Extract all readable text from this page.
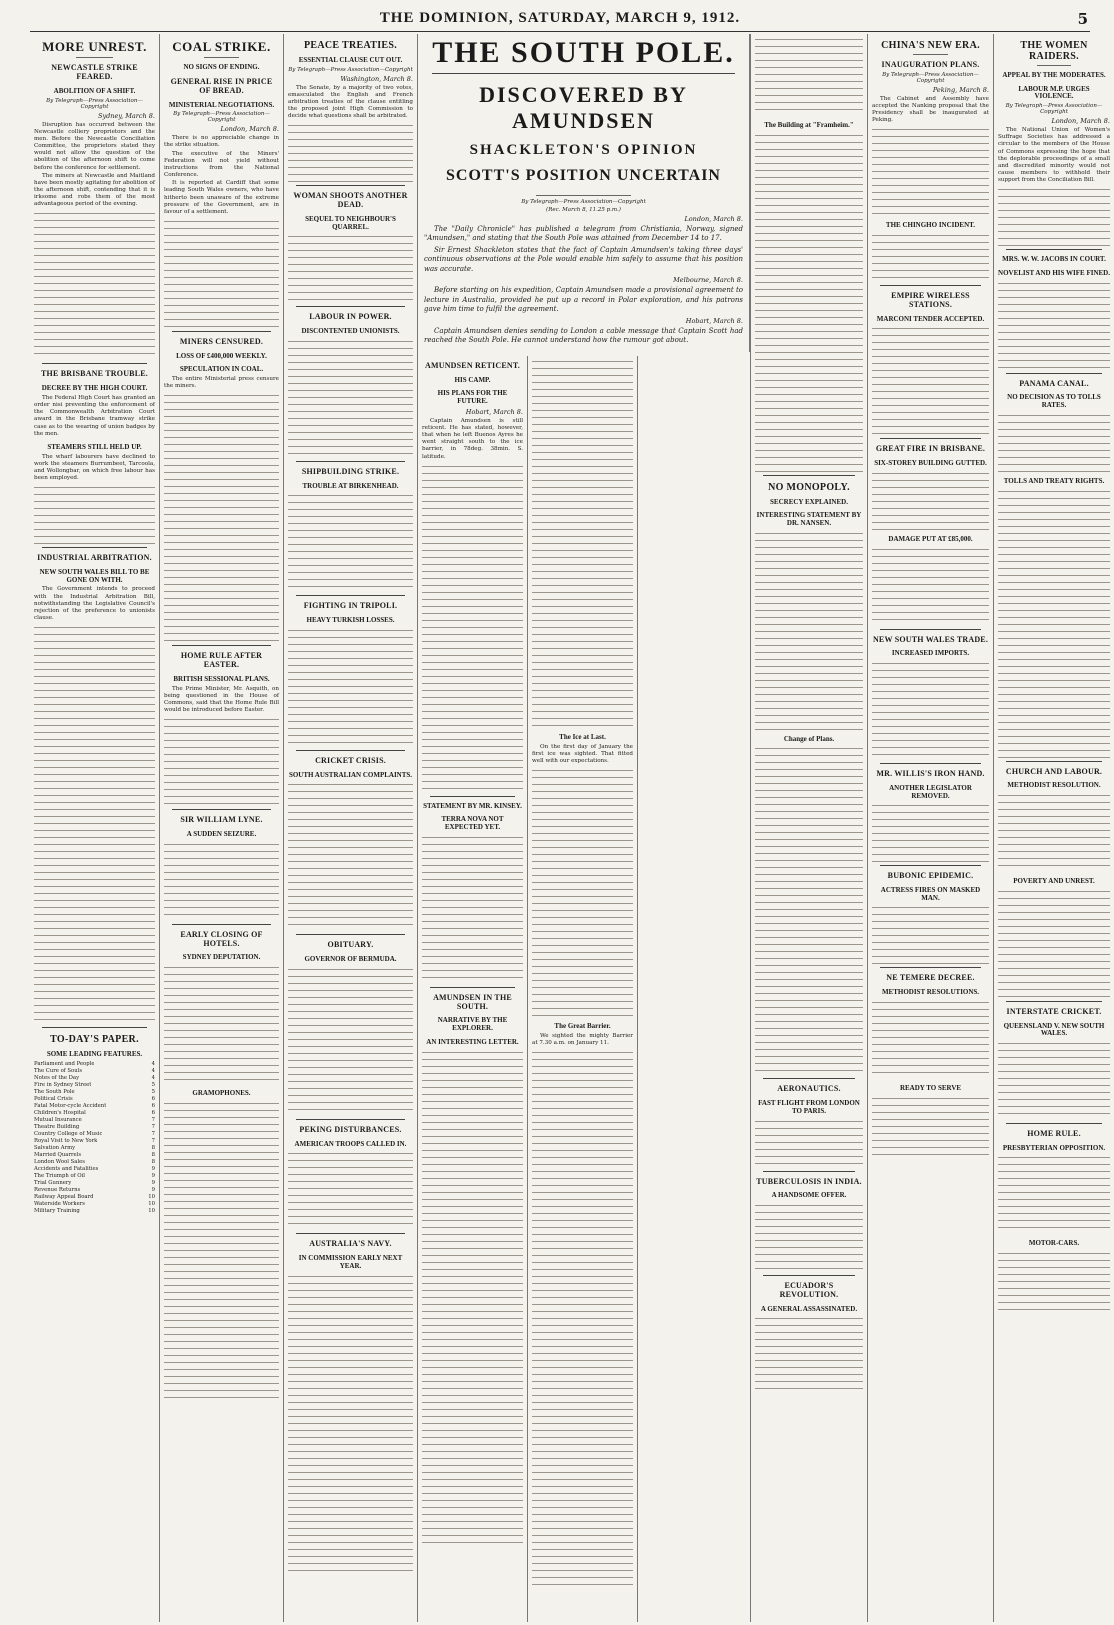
THE DOMINION, SATURDAY, MARCH 9, 1912.	5
MORE UNREST.
NEWCASTLE STRIKE FEARED.
ABOLITION OF A SHIFT.
By Telegraph—Press Association—Copyright
Sydney, March 8.

Disruption has occurred between the Newcastle colliery proprietors and the men. Before the Newcastle Conciliation Committee, the proprietors stated they would not allow the question of the abolition of the afternoon shift to come before the conference for settlement.

The miners at Newcastle and Maitland have been mostly agitating for abolition of the afternoon shift, contending that it is irksome and robs them of the most advantageous period of the evening.

THE BRISBANE TROUBLE.
DECREE BY THE HIGH COURT.

The Federal High Court has granted an order nisi preventing the enforcement of the Commonwealth Arbitration Court award in the Brisbane tramway strike case as to the wearing of union badges by the men.

STEAMERS STILL HELD UP.

The wharf labourers have declined to work the steamers Burrumbeet, Tarcoola, and Wollongbar, on which free labour has been employed.

INDUSTRIAL ARBITRATION.
NEW SOUTH WALES BILL TO BE GONE ON WITH.

The Government intends to proceed with the Industrial Arbitration Bill, notwithstanding the Legislative Council's rejection of the preference to unionists clause.

TO-DAY'S PAPER.
SOME LEADING FEATURES.
Parliament and People	4
The Cure of Souls	4
Notes of the Day	4
Fire in Sydney Street	5
The South Pole	5
Political Crisis	6
Fatal Motor-cycle Accident	6
Children's Hospital	6
Mutual Insurance	7
Theatre Building	7
Country College of Music	7
Royal Visit to New York	7
Salvation Army	8
Married Quarrels	8
London Wool Sales	8
Accidents and Fatalities	9
The Triumph of Oil	9
Trial Gunnery	9
Revenue Returns	9
Railway Appeal Board	10
Waterside Workers	10
Military Training	10
COAL STRIKE.
NO SIGNS OF ENDING.
GENERAL RISE IN PRICE OF BREAD.
MINISTERIAL NEGOTIATIONS.
By Telegraph—Press Association—Copyright
London, March 8.

There is no appreciable change in the strike situation.

The executive of the Miners' Federation will not yield without instructions from the National Conference.

It is reported at Cardiff that some leading South Wales owners, who have hitherto been unaware of the extreme pressure of the Government, are in favour of a settlement.

MINERS CENSURED.
LOSS OF £400,000 WEEKLY.
SPECULATION IN COAL.

The entire Ministerial press censure the miners.

HOME RULE AFTER EASTER.
BRITISH SESSIONAL PLANS.

The Prime Minister, Mr. Asquith, on being questioned in the House of Commons, said that the Home Rule Bill would be introduced before Easter.

SIR WILLIAM LYNE.
A SUDDEN SEIZURE.
EARLY CLOSING OF HOTELS.
SYDNEY DEPUTATION.
GRAMOPHONES.
PEACE TREATIES.
ESSENTIAL CLAUSE CUT OUT.
By Telegraph—Press Association—Copyright
Washington, March 8.

The Senate, by a majority of two votes, emasculated the English and French arbitration treaties of the clause entitling the proposed joint High Commission to decide what questions shall be arbitrated.

WOMAN SHOOTS ANOTHER DEAD.
SEQUEL TO NEIGHBOUR'S QUARREL.
LABOUR IN POWER.
DISCONTENTED UNIONISTS.
SHIPBUILDING STRIKE.
TROUBLE AT BIRKENHEAD.
FIGHTING IN TRIPOLI.
HEAVY TURKISH LOSSES.
CRICKET CRISIS.
SOUTH AUSTRALIAN COMPLAINTS.
OBITUARY.
GOVERNOR OF BERMUDA.
PEKING DISTURBANCES.
AMERICAN TROOPS CALLED IN.
AUSTRALIA'S NAVY.
IN COMMISSION EARLY NEXT YEAR.
THE SOUTH POLE.
DISCOVERED BY AMUNDSEN
SHACKLETON'S OPINION
SCOTT'S POSITION UNCERTAIN
By Telegraph—Press Association—Copyright
(Rec. March 8, 11.25 p.m.)
London, March 8.

The "Daily Chronicle" has published a telegram from Christiania, Norway, signed "Amundsen," and stating that the South Pole was attained from December 14 to 17.

Sir Ernest Shackleton states that the fact of Captain Amundsen's taking three days' continuous observations at the Pole would enable him safely to assume that his position was accurate.

Melbourne, March 8.

Before starting on his expedition, Captain Amundsen made a provisional agreement to lecture in Australia, provided he put up a record in Polar exploration, and his patrons gave him time to fulfil the agreement.

Hobart, March 8.

Captain Amundsen denies sending to London a cable message that Captain Scott had reached the South Pole. He cannot understand how the rumour got about.

AMUNDSEN RETICENT.
HIS CAMP.
HIS PLANS FOR THE FUTURE.
Hobart, March 8.

Captain Amundsen is still reticent. He has stated, however, that when he left Buenos Ayres he went straight south to the ice barrier, in 78deg. 38min. S. latitude.

STATEMENT BY MR. KINSEY.
TERRA NOVA NOT EXPECTED YET.
AMUNDSEN IN THE SOUTH.
NARRATIVE BY THE EXPLORER.
AN INTERESTING LETTER.
The Ice at Last.

On the first day of January the first ice was sighted. That fitted well with our expectations.

The Great Barrier.

We sighted the mighty Barrier at 7.30 a.m. on January 11.

The Building at "Framheim."
NO MONOPOLY.
SECRECY EXPLAINED.
INTERESTING STATEMENT BY DR. NANSEN.
Change of Plans.
AERONAUTICS.
FAST FLIGHT FROM LONDON TO PARIS.
TUBERCULOSIS IN INDIA.
A HANDSOME OFFER.
ECUADOR'S REVOLUTION.
A GENERAL ASSASSINATED.
CHINA'S NEW ERA.
INAUGURATION PLANS.
By Telegraph—Press Association—Copyright
Peking, March 8.

The Cabinet and Assembly have accepted the Nanking proposal that the Presidency shall be inaugurated at Peking.

THE CHINGHO INCIDENT.
EMPIRE WIRELESS STATIONS.
MARCONI TENDER ACCEPTED.
GREAT FIRE IN BRISBANE.
SIX-STOREY BUILDING GUTTED.
DAMAGE PUT AT £85,000.
NEW SOUTH WALES TRADE.
INCREASED IMPORTS.
MR. WILLIS'S IRON HAND.
ANOTHER LEGISLATOR REMOVED.
BUBONIC EPIDEMIC.
ACTRESS FIRES ON MASKED MAN.
NE TEMERE DECREE.
METHODIST RESOLUTIONS.
READY TO SERVE
THE WOMEN RAIDERS.
APPEAL BY THE MODERATES.
LABOUR M.P. URGES VIOLENCE.
By Telegraph—Press Association—Copyright
London, March 8.

The National Union of Women's Suffrage Societies has addressed a circular to the members of the House of Commons expressing the hope that the deplorable proceedings of a small and discredited minority would not cause members to withhold their support from the Conciliation Bill.

MRS. W. W. JACOBS IN COURT.
NOVELIST AND HIS WIFE FINED.
PANAMA CANAL.
NO DECISION AS TO TOLLS RATES.
TOLLS AND TREATY RIGHTS.
CHURCH AND LABOUR.
METHODIST RESOLUTION.
POVERTY AND UNREST.
INTERSTATE CRICKET.
QUEENSLAND V. NEW SOUTH WALES.
HOME RULE.
PRESBYTERIAN OPPOSITION.
MOTOR-CARS.
